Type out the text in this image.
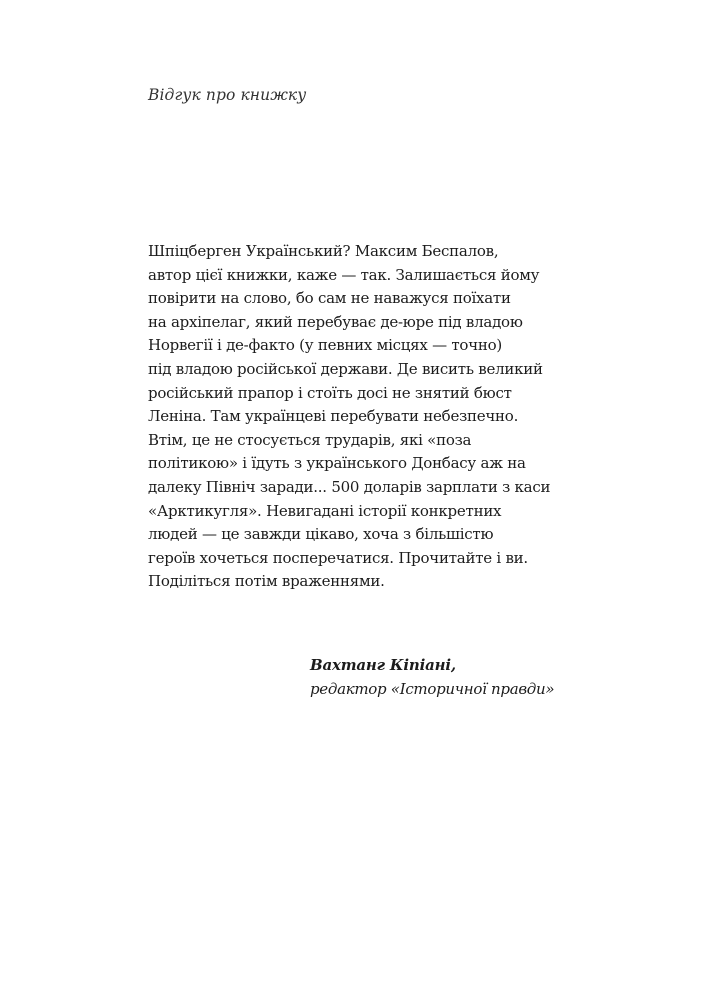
Відгук про книжку
Шпіцберген Український? Максим Беспалов,
автор цієї книжки, каже — так. Залишається йому
повірити на слово, бо сам не наважуся поїхати
на архіпелаг, який перебуває де-юре під владою
Норвегії і де-факто (у певних місцях — точно)
під владою російської держави. Де висить великий
російський прапор і стоїть досі не знятий бюст
Леніна. Там українцеві перебувати небезпечно.
Втім, це не стосується трударів, які «поза
політикою» і їдуть з українського Донбасу аж на
далеку Північ заради... 500 доларів зарплати з каси
«Арктикугля». Невигадані історії конкретних
людей — це завжди цікаво, хоча з більшістю
героїв хочеться посперечатися. Прочитайте і ви.
Поділіться потім враженнями.
Вахтанг Кіпіані,
редактор «Історичної правди»
